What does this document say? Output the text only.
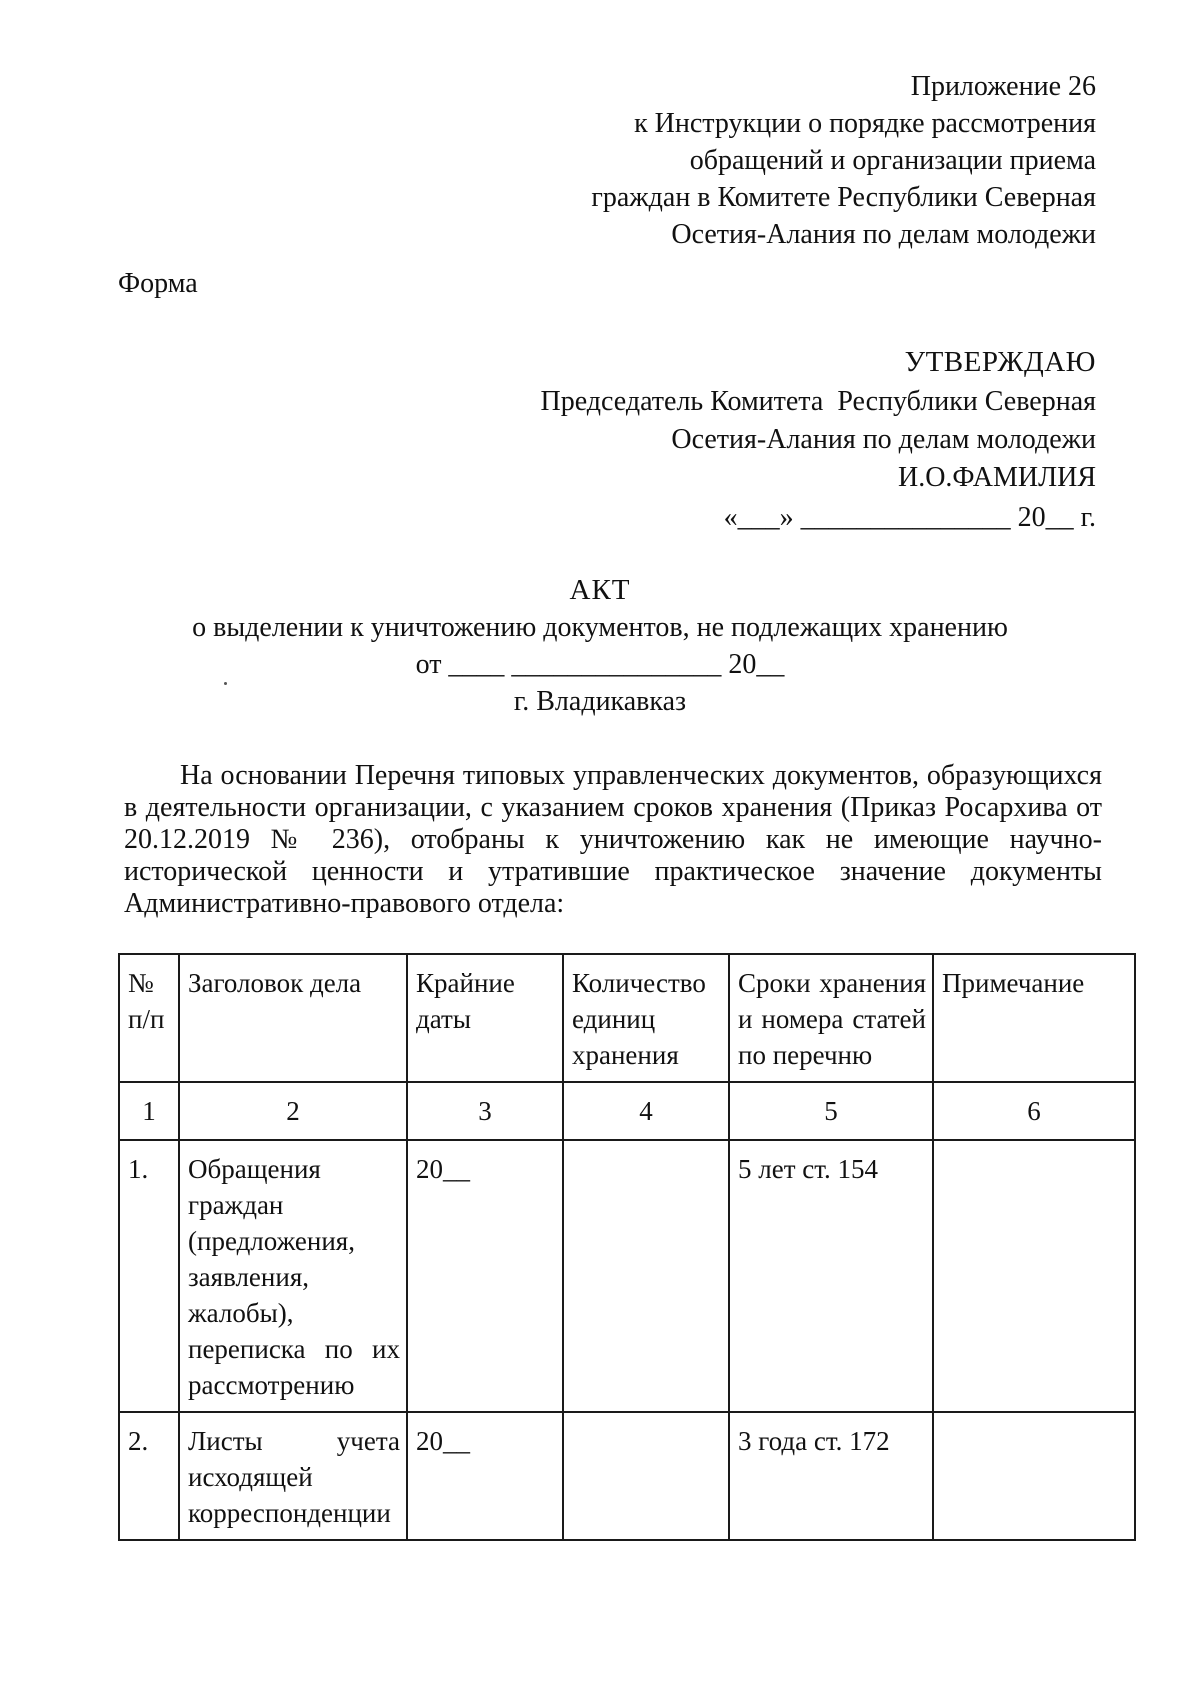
Приложение 26
к Инструкции о порядке рассмотрения
обращений и организации приема
граждан в Комитете Республики Северная
Осетия-Алания по делам молодежи
Форма
УТВЕРЖДАЮ
Председатель Комитета  Республики Северная
Осетия-Алания по делам молодежи
И.О.ФАМИЛИЯ
«___» _______________ 20__ г.
АКТ
о выделении к уничтожению документов, не подлежащих хранению
от ____ _______________ 20__
г. Владикавказ
На основании Перечня типовых управленческих документов, образующихся в деятельности организации, с указанием сроков хранения (Приказ Росархива от 20.12.2019 № 236), отобраны к уничтожению как не имеющие научно-исторической ценности и утратившие практическое значение документы Административно-правового отдела:
№ п/п	Заголовок дела	Крайние даты	Количество единиц хранения	Сроки хранения и номера статей по перечню	Примечание
1	2	3	4	5	6
1.	Обращения граждан (предложения, заявления, жалобы), переписка по их рассмотрению	20__		5 лет ст. 154	
2.	Листы учета исходящей корреспонденции	20__		3 года ст. 172	
